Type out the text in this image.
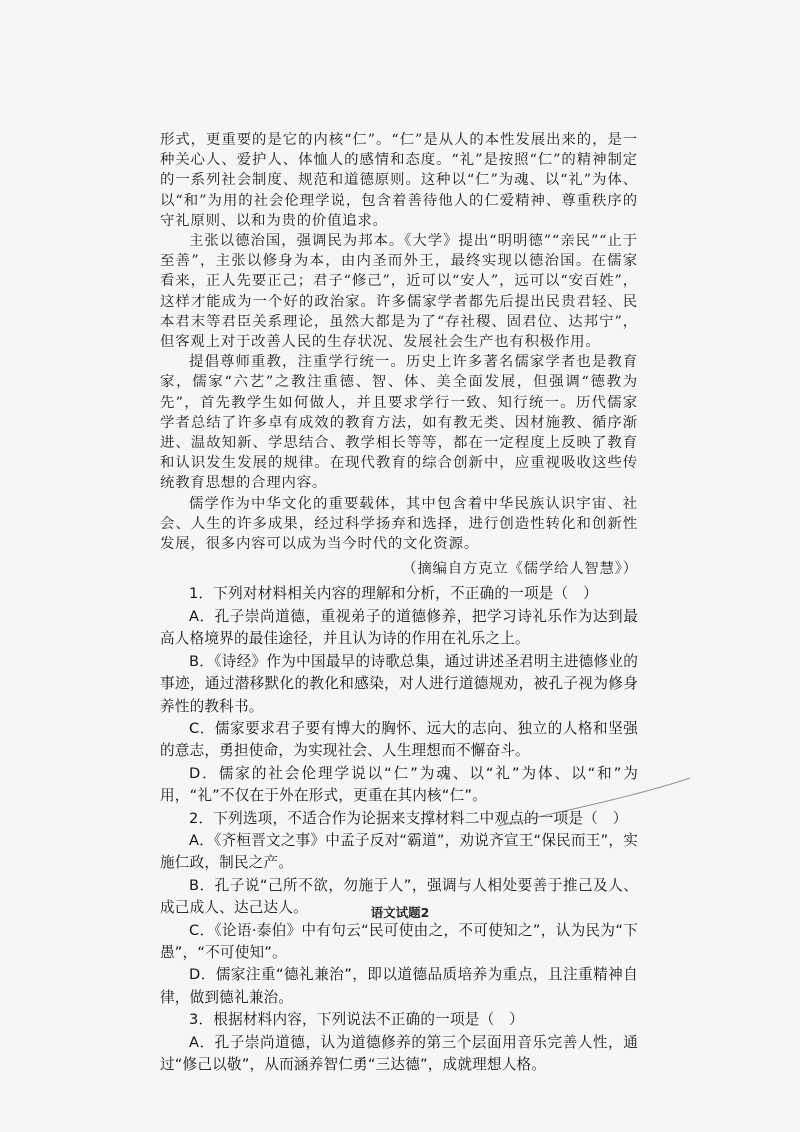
形式，更重要的是它的内核“仁”。“仁”是从人的本性发展出来的，是一种关心人、爱护人、体恤人的感情和态度。“礼”是按照“仁”的精神制定的一系列社会制度、规范和道德原则。这种以“仁”为魂、以“礼”为体、以“和”为用的社会伦理学说，包含着善待他人的仁爱精神、尊重秩序的守礼原则、以和为贵的价值追求。

主张以德治国，强调民为邦本。《大学》提出“明明德”“亲民”“止于至善”，主张以修身为本，由内圣而外王，最终实现以德治国。在儒家看来，正人先要正己；君子“修己”，近可以“安人”，远可以“安百姓”，这样才能成为一个好的政治家。许多儒家学者都先后提出民贵君轻、民本君末等君臣关系理论，虽然大都是为了“存社稷、固君位、达邦宁”，但客观上对于改善人民的生存状况、发展社会生产也有积极作用。

提倡尊师重教，注重学行统一。历史上许多著名儒家学者也是教育家，儒家“六艺”之教注重德、智、体、美全面发展，但强调“德教为先”，首先教学生如何做人，并且要求学行一致、知行统一。历代儒家学者总结了许多卓有成效的教育方法，如有教无类、因材施教、循序渐进、温故知新、学思结合、教学相长等等，都在一定程度上反映了教育和认识发生发展的规律。在现代教育的综合创新中，应重视吸收这些传统教育思想的合理内容。

儒学作为中华文化的重要载体，其中包含着中华民族认识宇宙、社会、人生的许多成果，经过科学扬弃和选择，进行创造性转化和创新性发展，很多内容可以成为当今时代的文化资源。

（摘编自方克立《儒学给人智慧》）

1．下列对材料相关内容的理解和分析，不正确的一项是（　）

A．孔子崇尚道德，重视弟子的道德修养，把学习诗礼乐作为达到最高人格境界的最佳途径，并且认为诗的作用在礼乐之上。

B．《诗经》作为中国最早的诗歌总集，通过讲述圣君明主进德修业的事迹，通过潜移默化的教化和感染，对人进行道德规劝，被孔子视为修身养性的教科书。

C．儒家要求君子要有博大的胸怀、远大的志向、独立的人格和坚强的意志，勇担使命，为实现社会、人生理想而不懈奋斗。

D．儒家的社会伦理学说以“仁”为魂、以“礼”为体、以“和”为用，“礼”不仅在于外在形式，更重在其内核“仁”。

2．下列选项，不适合作为论据来支撑材料二中观点的一项是（　）

A．《齐桓晋文之事》中孟子反对“霸道”，劝说齐宣王“保民而王”，实施仁政，制民之产。

B．孔子说“己所不欲，勿施于人”，强调与人相处要善于推己及人、成己成人、达己达人。

C．《论语·泰伯》中有句云“民可使由之，不可使知之”，认为民为“下愚”，“不可使知”。

D．儒家注重“德礼兼治”，即以道德品质培养为重点，且注重精神自律，做到德礼兼治。

3．根据材料内容，下列说法不正确的一项是（　）

A．孔子崇尚道德，认为道德修养的第三个层面用音乐完善人性，通过“修己以敬”，从而涵养智仁勇“三达德”，成就理想人格。

语文试题2
